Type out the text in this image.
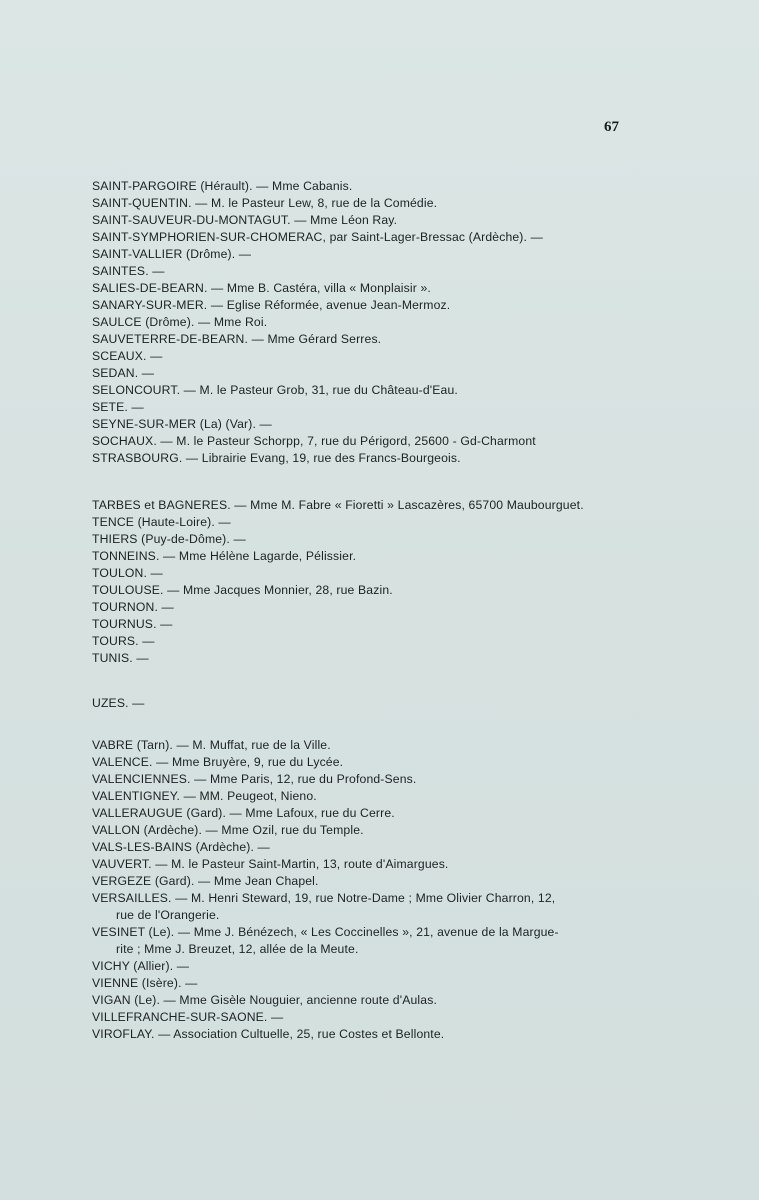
67
SAINT-PARGOIRE (Hérault). — Mme Cabanis.
SAINT-QUENTIN. — M. le Pasteur Lew, 8, rue de la Comédie.
SAINT-SAUVEUR-DU-MONTAGUT. — Mme Léon Ray.
SAINT-SYMPHORIEN-SUR-CHOMERAC, par Saint-Lager-Bressac (Ardèche). —
SAINT-VALLIER (Drôme). —
SAINTES. —
SALIES-DE-BEARN. — Mme B. Castéra, villa « Monplaisir ».
SANARY-SUR-MER. — Eglise Réformée, avenue Jean-Mermoz.
SAULCE (Drôme). — Mme Roi.
SAUVETERRE-DE-BEARN. — Mme Gérard Serres.
SCEAUX. —
SEDAN. —
SELONCOURT. — M. le Pasteur Grob, 31, rue du Château-d'Eau.
SETE. —
SEYNE-SUR-MER (La) (Var). —
SOCHAUX. — M. le Pasteur Schorpp, 7, rue du Périgord, 25600 - Gd-Charmont
STRASBOURG. — Librairie Evang, 19, rue des Francs-Bourgeois.
TARBES et BAGNERES. — Mme M. Fabre « Fioretti » Lascazères, 65700 Maubourguet.
TENCE (Haute-Loire). —
THIERS (Puy-de-Dôme). —
TONNEINS. — Mme Hélène Lagarde, Pélissier.
TOULON. —
TOULOUSE. — Mme Jacques Monnier, 28, rue Bazin.
TOURNON. —
TOURNUS. —
TOURS. —
TUNIS. —
UZES. —
VABRE (Tarn). — M. Muffat, rue de la Ville.
VALENCE. — Mme Bruyère, 9, rue du Lycée.
VALENCIENNES. — Mme Paris, 12, rue du Profond-Sens.
VALENTIGNEY. — MM. Peugeot, Nieno.
VALLERAUGUE (Gard). — Mme Lafoux, rue du Cerre.
VALLON (Ardèche). — Mme Ozil, rue du Temple.
VALS-LES-BAINS (Ardèche). —
VAUVERT. — M. le Pasteur Saint-Martin, 13, route d'Aimargues.
VERGEZE (Gard). — Mme Jean Chapel.
VERSAILLES. — M. Henri Steward, 19, rue Notre-Dame ; Mme Olivier Charron, 12,
rue de l'Orangerie.
VESINET (Le). — Mme J. Bénézech, « Les Coccinelles », 21, avenue de la Margue-
rite ; Mme J. Breuzet, 12, allée de la Meute.
VICHY (Allier). —
VIENNE (Isère). —
VIGAN (Le). — Mme Gisèle Nouguier, ancienne route d'Aulas.
VILLEFRANCHE-SUR-SAONE. —
VIROFLAY. — Association Cultuelle, 25, rue Costes et Bellonte.
